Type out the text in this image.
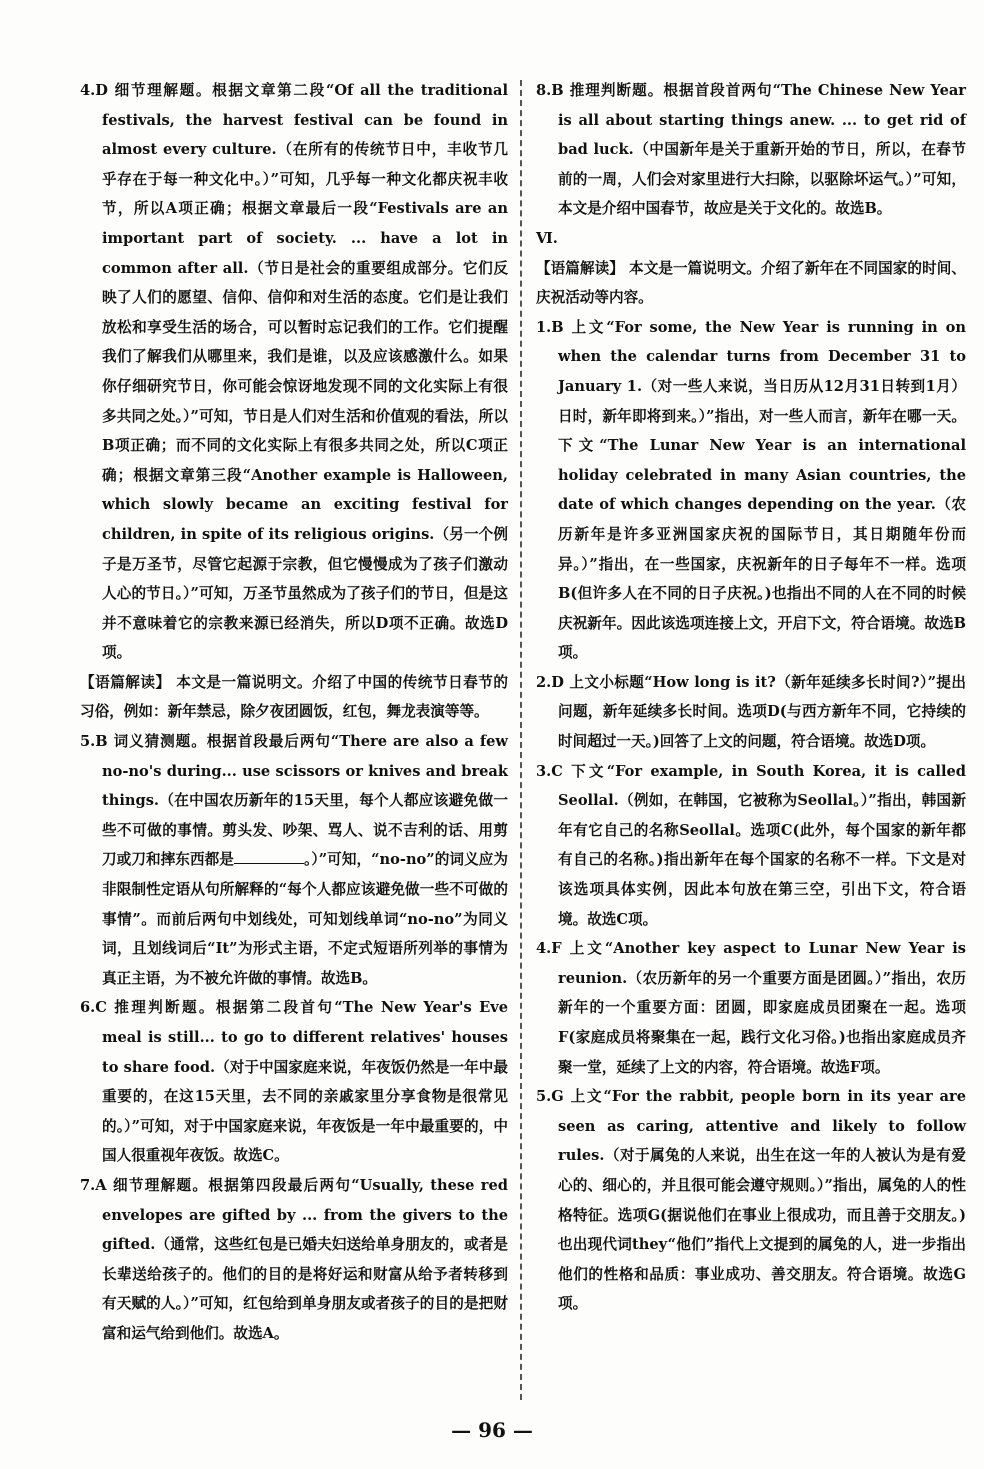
4.D 细节理解题。根据文章第二段“Of all the traditional festivals, the harvest festival can be found in almost every culture.（在所有的传统节日中，丰收节几乎存在于每一种文化中。）”可知，几乎每一种文化都庆祝丰收节，所以A项正确；根据文章最后一段“Festivals are an important part of society. ... have a lot in common after all.（节日是社会的重要组成部分。它们反映了人们的愿望、信仰、信仰和对生活的态度。它们是让我们放松和享受生活的场合，可以暂时忘记我们的工作。它们提醒我们了解我们从哪里来，我们是谁，以及应该感激什么。如果你仔细研究节日，你可能会惊讶地发现不同的文化实际上有很多共同之处。）”可知，节日是人们对生活和价值观的看法，所以B项正确；而不同的文化实际上有很多共同之处，所以C项正确；根据文章第三段“Another example is Halloween, which slowly became an exciting festival for children, in spite of its religious origins.（另一个例子是万圣节，尽管它起源于宗教，但它慢慢成为了孩子们激动人心的节日。）”可知，万圣节虽然成为了孩子们的节日，但是这并不意味着它的宗教来源已经消失，所以D项不正确。故选D项。

【语篇解读】 本文是一篇说明文。介绍了中国的传统节日春节的习俗，例如：新年禁忌，除夕夜团圆饭，红包，舞龙表演等等。

5.B 词义猜测题。根据首段最后两句“There are also a few no-no's during... use scissors or knives and break things.（在中国农历新年的15天里，每个人都应该避免做一些不可做的事情。剪头发、吵架、骂人、说不吉利的话、用剪刀或刀和摔东西都是	。）”可知，“no-no”的词义应为非限制性定语从句所解释的“每个人都应该避免做一些不可做的事情”。而前后两句中划线处，可知划线单词“no-no”为同义词，且划线词后“It”为形式主语，不定式短语所列举的事情为真正主语，为不被允许做的事情。故选B。

6.C 推理判断题。根据第二段首句“The New Year's Eve meal is still... to go to different relatives' houses to share food.（对于中国家庭来说，年夜饭仍然是一年中最重要的，在这15天里，去不同的亲戚家里分享食物是很常见的。）”可知，对于中国家庭来说，年夜饭是一年中最重要的，中国人很重视年夜饭。故选C。

7.A 细节理解题。根据第四段最后两句“Usually, these red envelopes are gifted by ... from the givers to the gifted.（通常，这些红包是已婚夫妇送给单身朋友的，或者是长辈送给孩子的。他们的目的是将好运和财富从给予者转移到有天赋的人。）”可知，红包给到单身朋友或者孩子的目的是把财富和运气给到他们。故选A。

8.B 推理判断题。根据首段首两句“The Chinese New Year is all about starting things anew. ... to get rid of bad luck.（中国新年是关于重新开始的节日，所以，在春节前的一周，人们会对家里进行大扫除，以驱除坏运气。）”可知，本文是介绍中国春节，故应是关于文化的。故选B。

Ⅵ.

【语篇解读】 本文是一篇说明文。介绍了新年在不同国家的时间、庆祝活动等内容。

1.B 上文“For some, the New Year is running in on when the calendar turns from December 31 to January 1.（对一些人来说，当日历从12月31日转到1月）日时，新年即将到来。）”指出，对一些人而言，新年在哪一天。下文“The Lunar New Year is an international holiday celebrated in many Asian countries, the date of which changes depending on the year.（农历新年是许多亚洲国家庆祝的国际节日，其日期随年份而异。）”指出，在一些国家，庆祝新年的日子每年不一样。选项B(但许多人在不同的日子庆祝。)也指出不同的人在不同的时候庆祝新年。因此该选项连接上文，开启下文，符合语境。故选B项。

2.D 上文小标题“How long is it?（新年延续多长时间?）”提出问题，新年延续多长时间。选项D(与西方新年不同，它持续的时间超过一天。)回答了上文的问题，符合语境。故选D项。

3.C 下文“For example, in South Korea, it is called Seollal.（例如，在韩国，它被称为Seollal。）”指出，韩国新年有它自己的名称Seollal。选项C(此外，每个国家的新年都有自己的名称。)指出新年在每个国家的名称不一样。下文是对该选项具体实例，因此本句放在第三空，引出下文，符合语境。故选C项。

4.F 上文“Another key aspect to Lunar New Year is reunion.（农历新年的另一个重要方面是团圆。）”指出，农历新年的一个重要方面：团圆，即家庭成员团聚在一起。选项F(家庭成员将聚集在一起，践行文化习俗。)也指出家庭成员齐聚一堂，延续了上文的内容，符合语境。故选F项。

5.G 上文“For the rabbit, people born in its year are seen as caring, attentive and likely to follow rules.（对于属兔的人来说，出生在这一年的人被认为是有爱心的、细心的，并且很可能会遵守规则。）”指出，属兔的人的性格特征。选项G(据说他们在事业上很成功，而且善于交朋友。)也出现代词they“他们”指代上文提到的属兔的人，进一步指出他们的性格和品质：事业成功、善交朋友。符合语境。故选G项。

— 96 —
